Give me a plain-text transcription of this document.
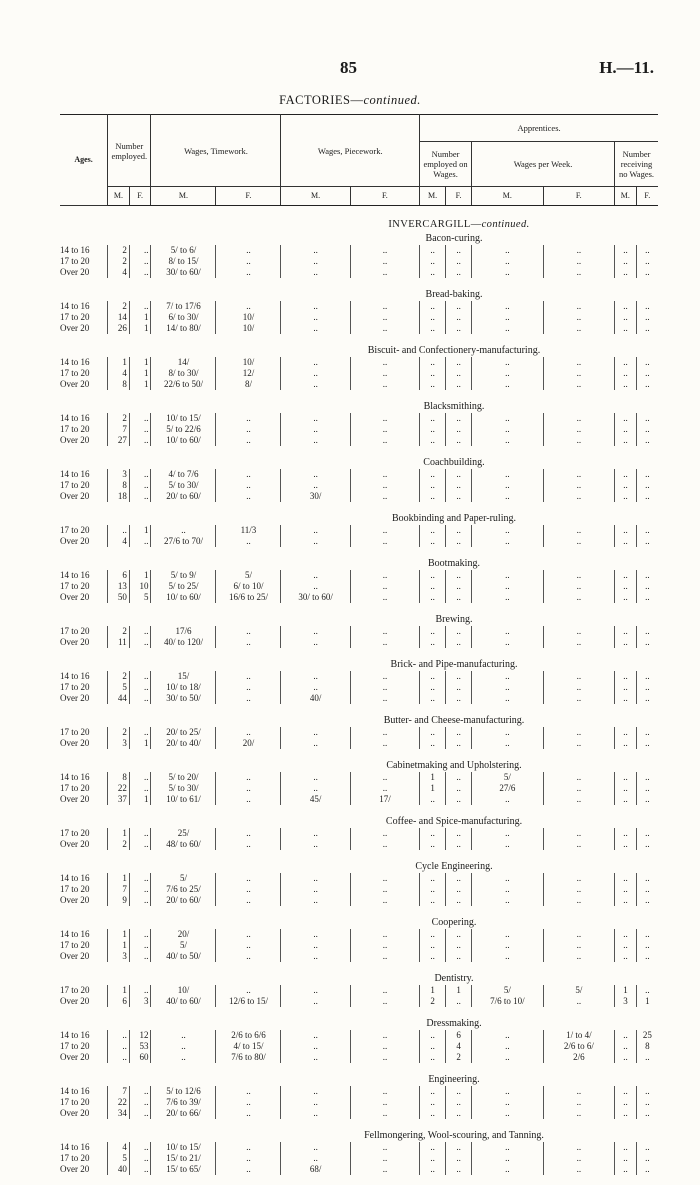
85	H.—11.
FACTORIES—continued.
Ages.	Number employed.		Wages, Timework.		Wages, Piecework.		Apprentices.					
							Number employed on Wages.		Wages per Week.		Number receiving no Wages.	
	M.	F.	M.	F.	M.	F.	M.	F.	M.	F.	M.	F.
INVERCARGILL—continued.
Bacon-curing.
14 to 16	2	..	5/ to 6/	..	..	..	..	..	..	..	..	..
17 to 20	2	..	8/ to 15/	..	..	..	..	..	..	..	..	..
Over 20	4	..	30/ to 60/	..	..	..	..	..	..	..	..	..
Bread-baking.
14 to 16	2	..	7/ to 17/6	..	..	..	..	..	..	..	..	..
17 to 20	14	1	6/ to 30/	10/	..	..	..	..	..	..	..	..
Over 20	26	1	14/ to 80/	10/	..	..	..	..	..	..	..	..
Biscuit- and Confectionery-manufacturing.
14 to 16	1	1	14/	10/	..	..	..	..	..	..	..	..
17 to 20	4	1	8/ to 30/	12/	..	..	..	..	..	..	..	..
Over 20	8	1	22/6 to 50/	8/	..	..	..	..	..	..	..	..
Blacksmithing.
14 to 16	2	..	10/ to 15/	..	..	..	..	..	..	..	..	..
17 to 20	7	..	5/ to 22/6	..	..	..	..	..	..	..	..	..
Over 20	27	..	10/ to 60/	..	..	..	..	..	..	..	..	..
Coachbuilding.
14 to 16	3	..	4/ to 7/6	..	..	..	..	..	..	..	..	..
17 to 20	8	..	5/ to 30/	..	..	..	..	..	..	..	..	..
Over 20	18	..	20/ to 60/	..	30/	..	..	..	..	..	..	..
Bookbinding and Paper-ruling.
17 to 20	..	1	..	11/3	..	..	..	..	..	..	..	..
Over 20	4	..	27/6 to 70/	..	..	..	..	..	..	..	..	..
Bootmaking.
14 to 16	6	1	5/ to 9/	5/	..	..	..	..	..	..	..	..
17 to 20	13	10	5/ to 25/	6/ to 10/	..	..	..	..	..	..	..	..
Over 20	50	5	10/ to 60/	16/6 to 25/	30/ to 60/	..	..	..	..	..	..	..
Brewing.
17 to 20	2	..	17/6	..	..	..	..	..	..	..	..	..
Over 20	11	..	40/ to 120/	..	..	..	..	..	..	..	..	..
Brick- and Pipe-manufacturing.
14 to 16	2	..	15/	..	..	..	..	..	..	..	..	..
17 to 20	5	..	10/ to 18/	..	..	..	..	..	..	..	..	..
Over 20	44	..	30/ to 50/	..	40/	..	..	..	..	..	..	..
Butter- and Cheese-manufacturing.
17 to 20	2	..	20/ to 25/	..	..	..	..	..	..	..	..	..
Over 20	3	1	20/ to 40/	20/	..	..	..	..	..	..	..	..
Cabinetmaking and Upholstering.
14 to 16	8	..	5/ to 20/	..	..	..	1	..	5/	..	..	..
17 to 20	22	..	5/ to 30/	..	..	..	1	..	27/6	..	..	..
Over 20	37	1	10/ to 61/	..	45/	17/	..	..	..	..	..	..
Coffee- and Spice-manufacturing.
17 to 20	1	..	25/	..	..	..	..	..	..	..	..	..
Over 20	2	..	48/ to 60/	..	..	..	..	..	..	..	..	..
Cycle Engineering.
14 to 16	1	..	5/	..	..	..	..	..	..	..	..	..
17 to 20	7	..	7/6 to 25/	..	..	..	..	..	..	..	..	..
Over 20	9	..	20/ to 60/	..	..	..	..	..	..	..	..	..
Coopering.
14 to 16	1	..	20/	..	..	..	..	..	..	..	..	..
17 to 20	1	..	5/	..	..	..	..	..	..	..	..	..
Over 20	3	..	40/ to 50/	..	..	..	..	..	..	..	..	..
Dentistry.
17 to 20	1	..	10/	..	..	..	1	1	5/	5/	1	..
Over 20	6	3	40/ to 60/	12/6 to 15/	..	..	2	..	7/6 to 10/	..	3	1
Dressmaking.
14 to 16	..	12	..	2/6 to 6/6	..	..	..	6	..	1/ to 4/	..	25
17 to 20	..	53	..	4/ to 15/	..	..	..	4	..	2/6 to 6/	..	8
Over 20	..	60	..	7/6 to 80/	..	..	..	2	..	2/6	..	..
Engineering.
14 to 16	7	..	5/ to 12/6	..	..	..	..	..	..	..	..	..
17 to 20	22	..	7/6 to 39/	..	..	..	..	..	..	..	..	..
Over 20	34	..	20/ to 66/	..	..	..	..	..	..	..	..	..
Fellmongering, Wool-scouring, and Tanning.
14 to 16	4	..	10/ to 15/	..	..	..	..	..	..	..	..	..
17 to 20	5	..	15/ to 21/	..	..	..	..	..	..	..	..	..
Over 20	40	..	15/ to 65/	..	68/	..	..	..	..	..	..	..
